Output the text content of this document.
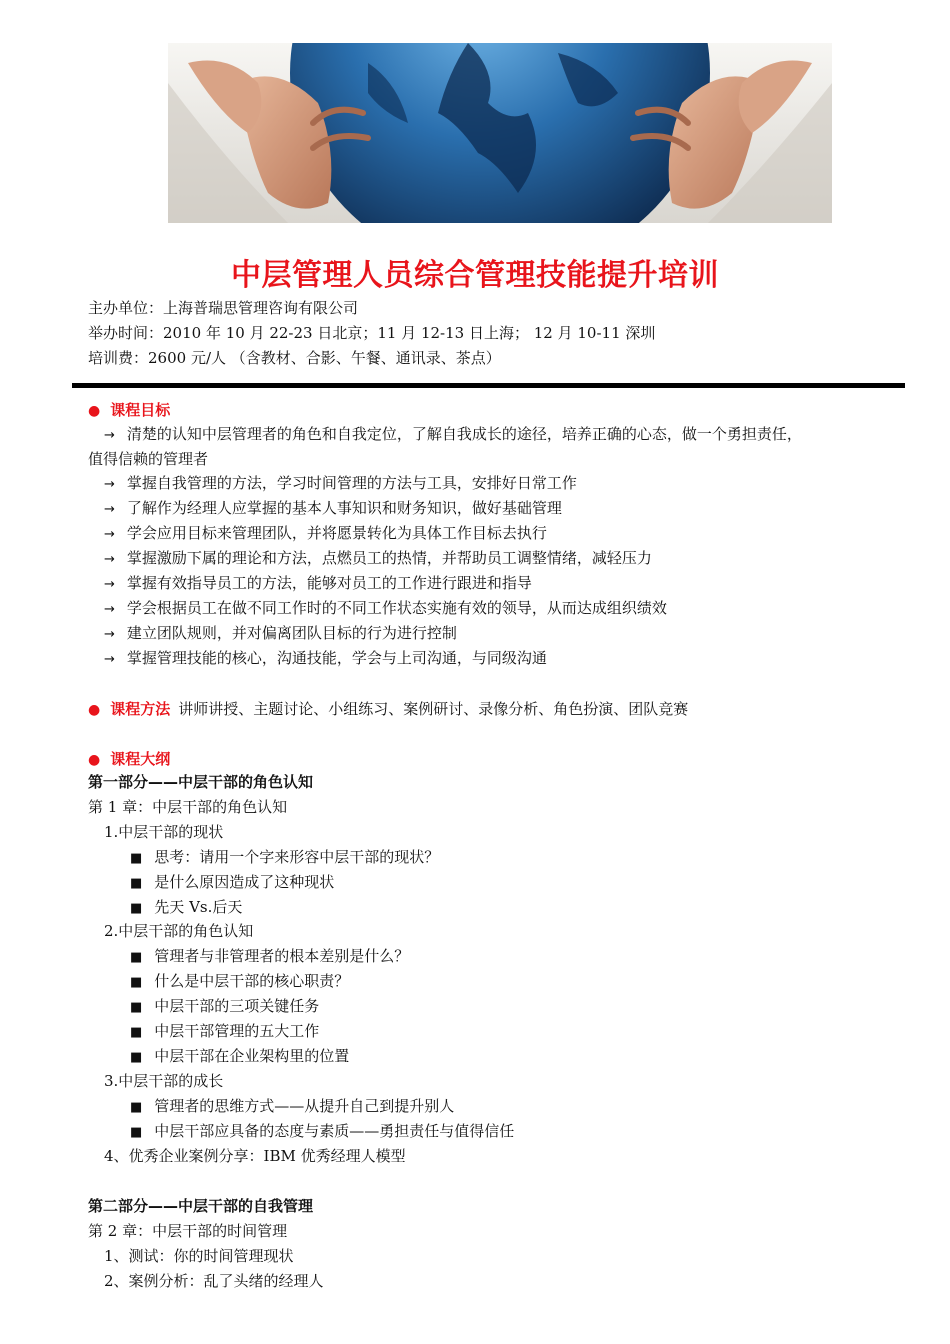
中层管理人员综合管理技能提升培训
主办单位：上海普瑞思管理咨询有限公司
举办时间：2010 年 10 月 22-23 日北京；11 月 12-13 日上海； 12 月 10-11 深圳
培训费：2600 元/人 （含教材、合影、午餐、通讯录、茶点）
● 课程目标
→ 清楚的认知中层管理者的角色和自我定位，了解自我成长的途径，培养正确的心态，做一个勇担责任，
值得信赖的管理者
→ 掌握自我管理的方法，学习时间管理的方法与工具，安排好日常工作
→ 了解作为经理人应掌握的基本人事知识和财务知识，做好基础管理
→ 学会应用目标来管理团队，并将愿景转化为具体工作目标去执行
→ 掌握激励下属的理论和方法，点燃员工的热情，并帮助员工调整情绪，减轻压力
→ 掌握有效指导员工的方法，能够对员工的工作进行跟进和指导
→ 学会根据员工在做不同工作时的不同工作状态实施有效的领导，从而达成组织绩效
→ 建立团队规则，并对偏离团队目标的行为进行控制
→ 掌握管理技能的核心，沟通技能，学会与上司沟通，与同级沟通
● 课程方法 讲师讲授、主题讨论、小组练习、案例研讨、录像分析、角色扮演、团队竞赛
● 课程大纲
第一部分——中层干部的角色认知
第 1 章：中层干部的角色认知
1.中层干部的现状
■ 思考：请用一个字来形容中层干部的现状？
■ 是什么原因造成了这种现状
■ 先天 Vs.后天
2.中层干部的角色认知
■ 管理者与非管理者的根本差别是什么？
■ 什么是中层干部的核心职责？
■ 中层干部的三项关键任务
■ 中层干部管理的五大工作
■ 中层干部在企业架构里的位置
3.中层干部的成长
■ 管理者的思维方式——从提升自己到提升别人
■ 中层干部应具备的态度与素质——勇担责任与值得信任
4、优秀企业案例分享：IBM 优秀经理人模型
第二部分——中层干部的自我管理
第 2 章：中层干部的时间管理
1、测试：你的时间管理现状
2、案例分析：乱了头绪的经理人
